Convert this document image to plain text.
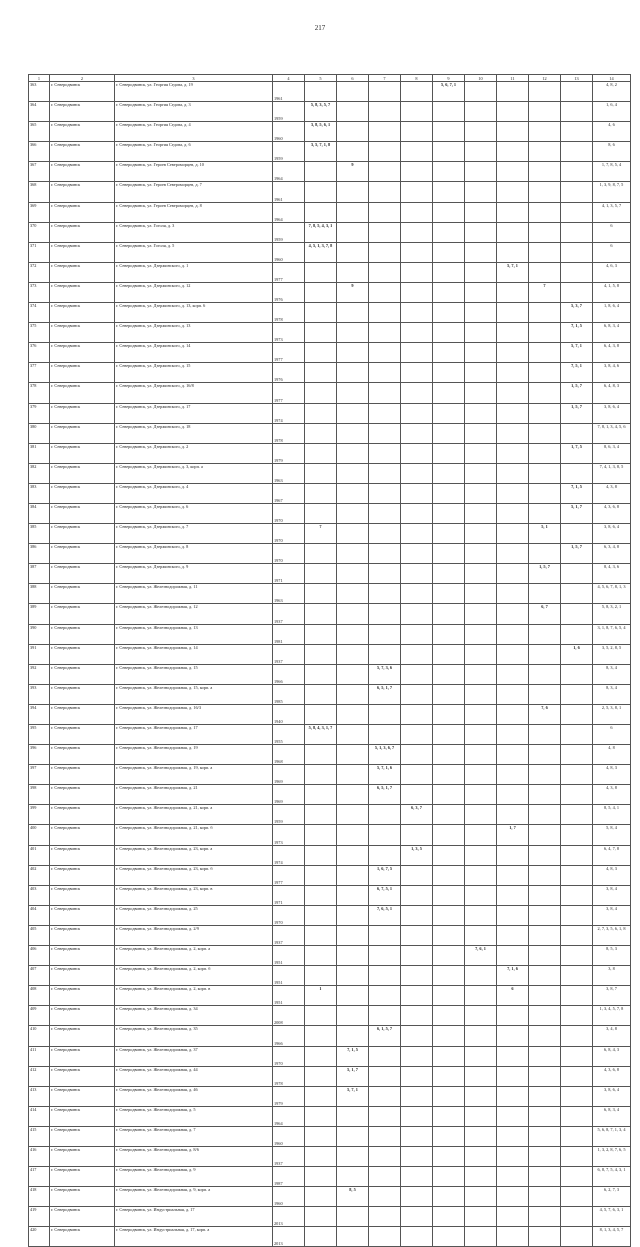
217
1	2	3	4	5	6	7	8	9	10	11	12	13	14
363	г. Северодвинск	г. Северодвинск, ул. Георгия Седова, д. 19	1961					5, 6, 7, 1					4, 8, 2
364	г. Северодвинск	г. Северодвинск, ул. Георгия Седова, д. 3	1959	5, 8, 3, 5, 7									1, 6, 4
365	г. Северодвинск	г. Северодвинск, ул. Георгия Седова, д. 4	1960	3, 8, 5, 6, 1									4, 6
366	г. Северодвинск	г. Северодвинск, ул. Георгия Седова, д. 6	1959	3, 5, 7, 1, 8									8, 6
367	г. Северодвинск	г. Северодвинск, ул. Героев Североморцев, д. 10	1964		9								1, 7, 8, 5, 4
368	г. Северодвинск	г. Северодвинск, ул. Героев Североморцев, д. 7	1961										1, 3, 9, 8, 7, 5
369	г. Северодвинск	г. Северодвинск, ул. Героев Североморцев, д. 8	1964										4, 1, 3, 5, 7
370	г. Северодвинск	г. Северодвинск, ул. Гоголя, д. 3	1959	7, 8, 5, 4, 3, 1									6
371	г. Северодвинск	г. Северодвинск, ул. Гоголя, д. 5	1960	4, 5, 1, 3, 7, 8									6
372	г. Северодвинск	г. Северодвинск, ул. Дзержинского, д. 1	1977							5, 7, 1			4, 6, 3
373	г. Северодвинск	г. Северодвинск, ул. Дзержинского, д. 12	1976		9						7		4, 1, 5, 8
374	г. Северодвинск	г. Северодвинск, ул. Дзержинского, д. 13, корп. 6	1978									5, 3, 7	1, 8, 6, 4
375	г. Северодвинск	г. Северодвинск, ул. Дзержинского, д. 13	1973									7, 1, 5	6, 8, 3, 4
376	г. Северодвинск	г. Северодвинск, ул. Дзержинского, д. 14	1977									5, 7, 1	6, 4, 3, 8
377	г. Северодвинск	г. Северодвинск, ул. Дзержинского, д. 15	1976									7, 5, 1	3, 8, 4, 6
378	г. Северодвинск	г. Северодвинск, ул. Дзержинского, д. 16/8	1977									1, 5, 7	6, 4, 8, 3
379	г. Северодвинск	г. Северодвинск, ул. Дзержинского, д. 17	1974									1, 5, 7	3, 8, 6, 4
380	г. Северодвинск	г. Северодвинск, ул. Дзержинского, д. 18	1978										7, 8, 1, 3, 4, 5, 6
381	г. Северодвинск	г. Северодвинск, ул. Дзержинского, д. 2	1979									1, 7, 5	8, 6, 3, 4
382	г. Северодвинск	г. Северодвинск, ул. Дзержинского, д. 3, корп. а	1963										7, 4, 1, 3, 8, 5
383	г. Северодвинск	г. Северодвинск, ул. Дзержинского, д. 4	1967									7, 1, 5	4, 3, 8
384	г. Северодвинск	г. Северодвинск, ул. Дзержинского, д. 6	1970									5, 1, 7	4, 3, 6, 8
385	г. Северодвинск	г. Северодвинск, ул. Дзержинского, д. 7	1970	7							5, 1		3, 8, 6, 4
386	г. Северодвинск	г. Северодвинск, ул. Дзержинского, д. 8	1970									1, 5, 7	6, 3, 4, 8
387	г. Северодвинск	г. Северодвинск, ул. Дзержинского, д. 9	1971								1, 5, 7		8, 4, 3, 6
388	г. Северодвинск	г. Северодвинск, ул. Железнодорожная, д. 11	1963										4, 5, 6, 7, 8, 1, 3
389	г. Северодвинск	г. Северодвинск, ул. Железнодорожная, д. 12	1937								6, 7		5, 8, 3, 2, 1
390	г. Северодвинск	г. Северодвинск, ул. Железнодорожная, д. 13	1981										3, 1, 8, 7, 6, 5, 4
391	г. Северодвинск	г. Северодвинск, ул. Железнодорожная, д. 14	1937									1, 6	3, 5, 2, 8, 5
392	г. Северодвинск	г. Северодвинск, ул. Железнодорожная, д. 15	1966			5, 7, 3, 6							8, 3, 4
393	г. Северодвинск	г. Северодвинск, ул. Железнодорожная, д. 15, корп. а	1985			6, 5, 1, 7							8, 3, 4
394	г. Северодвинск	г. Северодвинск, ул. Железнодорожная, д. 16/3	1940								7, 6		2, 5, 3, 8, 1
395	г. Северодвинск	г. Северодвинск, ул. Железнодорожная, д. 17	1955	5, 8, 4, 3, 1, 7									6
396	г. Северодвинск	г. Северодвинск, ул. Железнодорожная, д. 19	1968			5, 1, 3, 6, 7							4, 8
397	г. Северодвинск	г. Северодвинск, ул. Железнодорожная, д. 19, корп. а	1969			5, 7, 1, 6							4, 8, 3
398	г. Северодвинск	г. Северодвинск, ул. Железнодорожная, д. 21	1969			6, 5, 1, 7							4, 3, 8
399	г. Северодвинск	г. Северодвинск, ул. Железнодорожная, д. 21, корп. а	1959				6, 3, 7						8, 5, 4, 1
400	г. Северодвинск	г. Северодвинск, ул. Железнодорожная, д. 21, корп. б	1973							1, 7			5, 8, 4
401	г. Северодвинск	г. Северодвинск, ул. Железнодорожная, д. 23, корп. а	1974				1, 3, 5						6, 4, 7, 8
402	г. Северодвинск	г. Северодвинск, ул. Железнодорожная, д. 23, корп. б	1977			1, 6, 7, 5							4, 8, 3
403	г. Северодвинск	г. Северодвинск, ул. Железнодорожная, д. 23, корп. в	1971			6, 7, 5, 1							3, 8, 4
404	г. Северодвинск	г. Северодвинск, ул. Железнодорожная, д. 25	1970			7, 6, 5, 1							3, 8, 4
405	г. Северодвинск	г. Северодвинск, ул. Железнодорожная, д. 2/9	1937										2, 7, 3, 5, 6, 1, 8
406	г. Северодвинск	г. Северодвинск, ул. Железнодорожная, д. 2, корп. а	1951						7, 6, 1				8, 5, 3
407	г. Северодвинск	г. Северодвинск, ул. Железнодорожная, д. 2, корп. б	1951							7, 1, 6			3, 8
408	г. Северодвинск	г. Северодвинск, ул. Железнодорожная, д. 2, корп. в	1951	1						6			3, 8, 7
409	г. Северодвинск	г. Северодвинск, ул. Железнодорожная, д. 34	2008										1, 3, 4, 5, 7, 8
410	г. Северодвинск	г. Северодвинск, ул. Железнодорожная, д. 35	1966			6, 1, 5, 7							3, 4, 8
411	г. Северодвинск	г. Северодвинск, ул. Железнодорожная, д. 37	1970		7, 1, 5								6, 8, 4, 3
412	г. Северодвинск	г. Северодвинск, ул. Железнодорожная, д. 44	1978		5, 1, 7								4, 3, 6, 8
413	г. Северодвинск	г. Северодвинск, ул. Железнодорожная, д. 46	1979		5, 7, 1								3, 8, 6, 4
414	г. Северодвинск	г. Северодвинск, ул. Железнодорожная, д. 5	1964										6, 8, 3, 4
415	г. Северодвинск	г. Северодвинск, ул. Железнодорожная, д. 7	1960										5, 6, 8, 7, 1, 3, 4
416	г. Северодвинск	г. Северодвинск, ул. Железнодорожная, д. 8/6	1937										1, 3, 2, 8, 7, 6, 5
417	г. Северодвинск	г. Северодвинск, ул. Железнодорожная, д. 9	1987										6, 8, 7, 5, 4, 3, 1
418	г. Северодвинск	г. Северодвинск, ул. Железнодорожная, д. 9, корп. а	1960		8, 5								6, 2, 7, 3
419	г. Северодвинск	г. Северодвинск, ул. Индустриальная, д. 17	2013										4, 5, 7, 6, 3, 1
420	г. Северодвинск	г. Северодвинск, ул. Индустриальная, д. 17, корп. а	2013										8, 1, 3, 4, 5, 7
